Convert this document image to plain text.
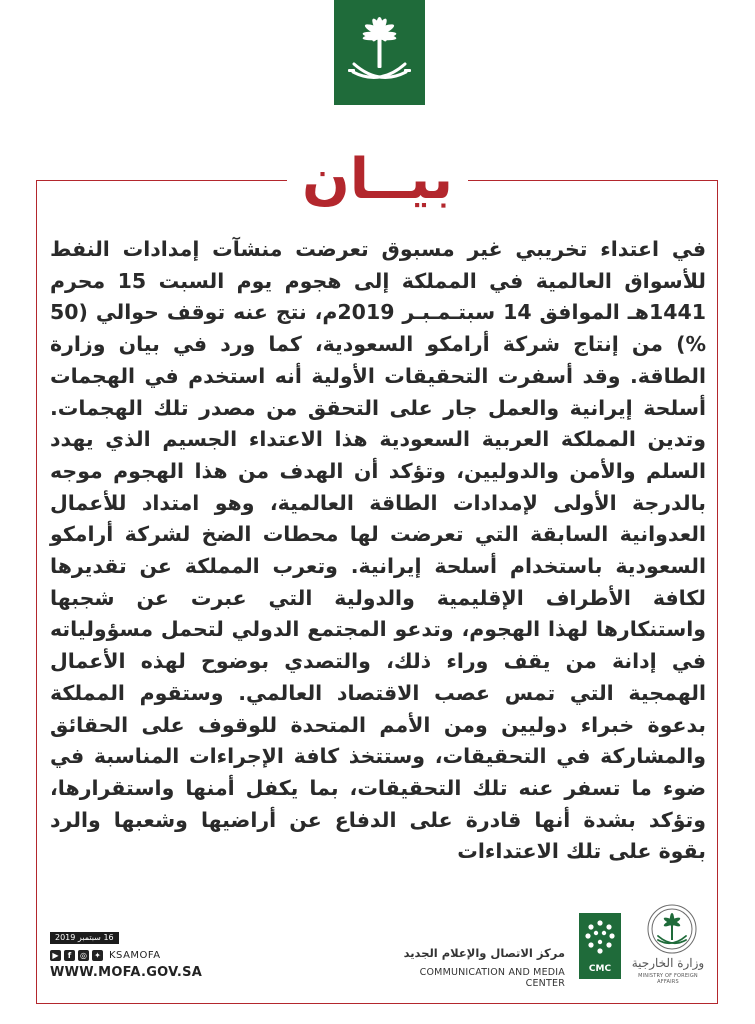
بيــان

في اعتداء تخريبي غير مسبوق تعرضت منشآت إمدادات النفط للأسواق العالمية في المملكة إلى هجوم يوم السبت 15 محرم 1441هـ الموافق 14 سبتـمـبـر 2019م، نتج عنه توقف حوالي (50 %) من إنتاج شركة أرامكو السعودية، كما ورد في بيان وزارة الطاقة. وقد أسفرت التحقيقات الأولية أنه استخدم في الهجمات أسلحة إيرانية والعمل جار على التحقق من مصدر تلك الهجمات. وتدين المملكة العربية السعودية هذا الاعتداء الجسيم الذي يهدد السلم والأمن والدوليين، وتؤكد أن الهدف من هذا الهجوم موجه بالدرجة الأولى لإمدادات الطاقة العالمية، وهو امتداد للأعمال العدوانية السابقة التي تعرضت لها محطات الضخ لشركة أرامكو السعودية باستخدام أسلحة إيرانية. وتعرب المملكة عن تقديرها لكافة الأطراف الإقليمية والدولية التي عبرت عن شجبها واستنكارها لهذا الهجوم، وتدعو المجتمع الدولي لتحمل مسؤولياته في إدانة من يقف وراء ذلك، والتصدي بوضوح لهذه الأعمال الهمجية التي تمس عصب الاقتصاد العالمي. وستقوم المملكة بدعوة خبراء دوليين ومن الأمم المتحدة للوقوف على الحقائق والمشاركة في التحقيقات، وستتخذ كافة الإجراءات المناسبة في ضوء ما تسفر عنه تلك التحقيقات، بما يكفل أمنها واستقرارها، وتؤكد بشدة أنها قادرة على الدفاع عن أراضيها وشعبها والرد بقوة على تلك الاعتداءات

16 سبتمبر 2019
▶	f	◎ ✦ KSAMOFA
WWW.MOFA.GOV.SA
مركز الاتصال والإعلام الجديد
COMMUNICATION AND MEDIA CENTER
CMC	وزارة الخارجية
MINISTRY OF FOREIGN AFFAIRS
